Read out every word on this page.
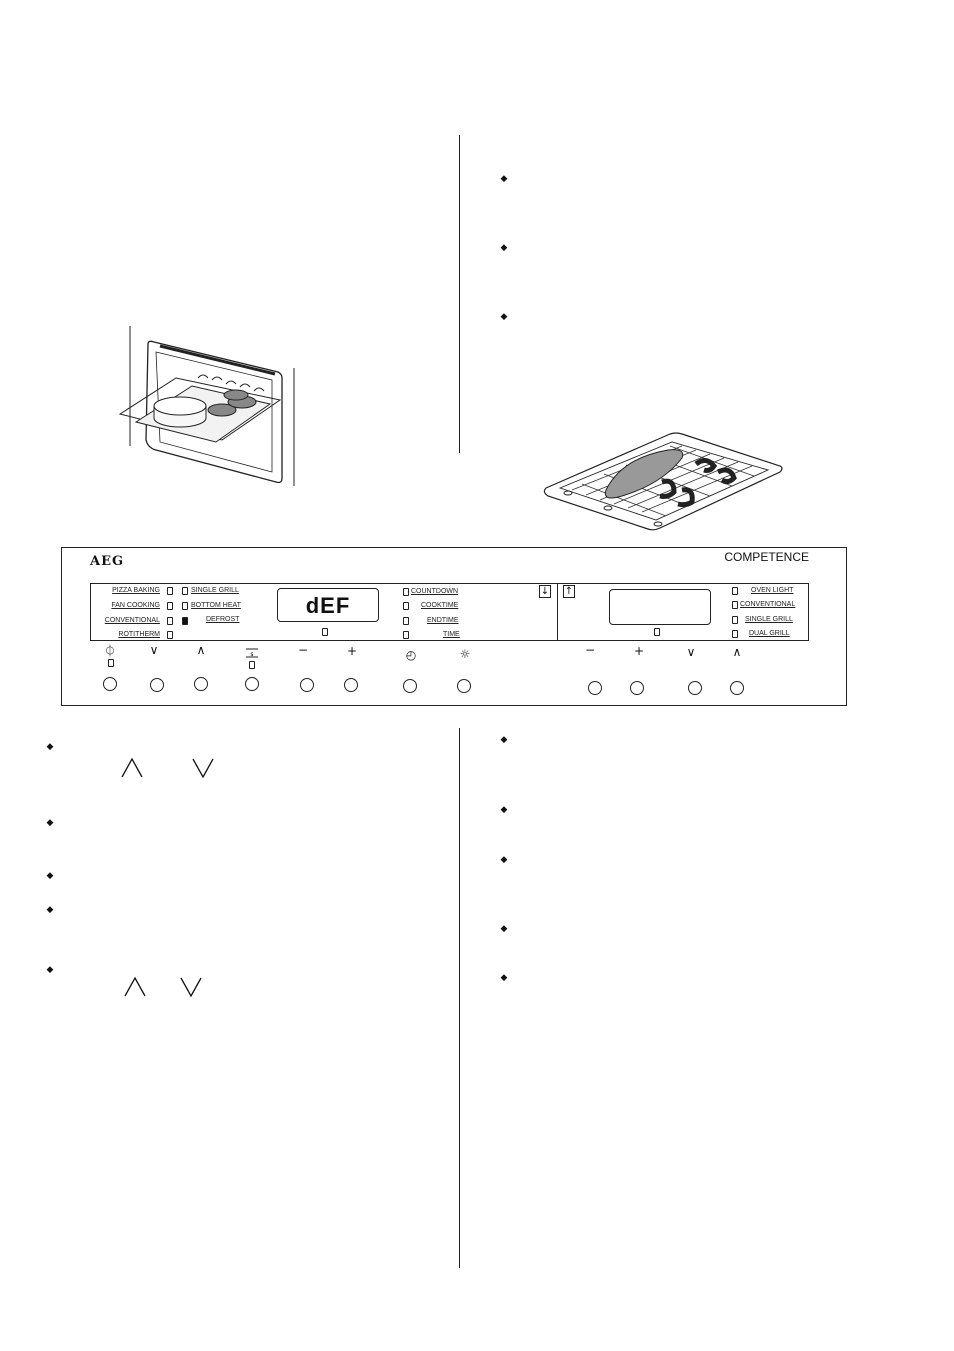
◆
◆
◆
AEG	COMPETENCE
PIZZA BAKING
FAN COOKING
CONVENTIONAL
ROTITHERM
SINGLE GRILL
BOTTOM HEAT
DEFROST
dEF
COUNTDOWN
COOKTIME
ENDTIME
TIME
↓ ↑	OVEN LIGHT
CONVENTIONAL
SINGLE GRILL
DUAL GRILL
⏀	∨	∧	s	−	+	◴	☼	−	+	∨	∧
◆
◆
◆
◆
◆
◆
◆
◆
◆
◆
